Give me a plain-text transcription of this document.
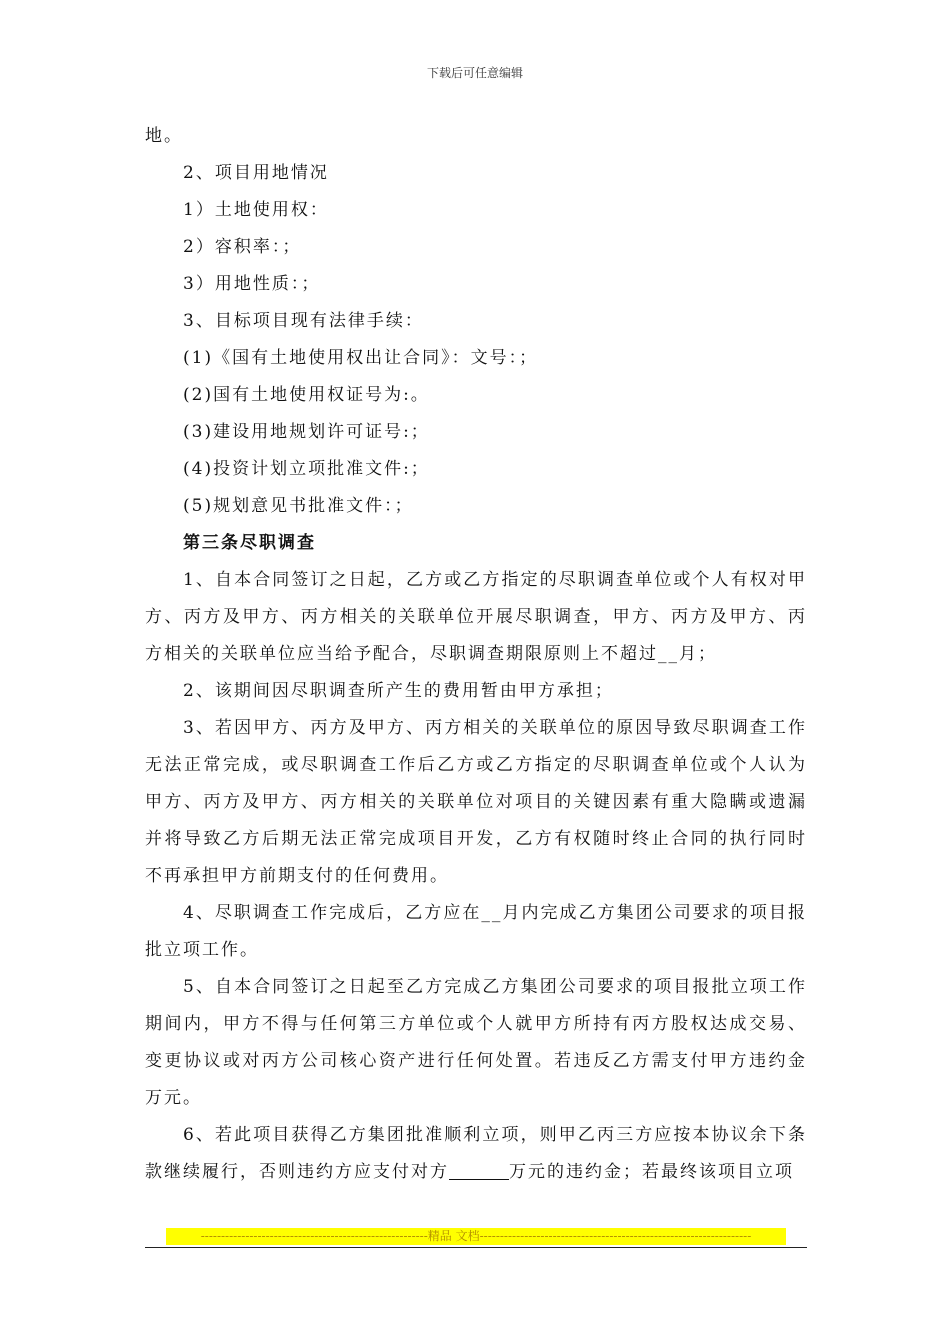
下载后可任意编辑

地。

2、项目用地情况

1）土地使用权：

2）容积率：；

3）用地性质：；

3、目标项目现有法律手续：

(1)《国有土地使用权出让合同》：文号：；

(2)国有土地使用权证号为:。

(3)建设用地规划许可证号:；

(4)投资计划立项批准文件:；

(5)规划意见书批准文件：；

第三条尽职调查

1、自本合同签订之日起，乙方或乙方指定的尽职调查单位或个人有权对甲方、丙方及甲方、丙方相关的关联单位开展尽职调查，甲方、丙方及甲方、丙方相关的关联单位应当给予配合，尽职调查期限原则上不超过__月；

2、该期间因尽职调查所产生的费用暂由甲方承担；

3、若因甲方、丙方及甲方、丙方相关的关联单位的原因导致尽职调查工作无法正常完成，或尽职调查工作后乙方或乙方指定的尽职调查单位或个人认为甲方、丙方及甲方、丙方相关的关联单位对项目的关键因素有重大隐瞒或遗漏并将导致乙方后期无法正常完成项目开发，乙方有权随时终止合同的执行同时不再承担甲方前期支付的任何费用。

4、尽职调查工作完成后，乙方应在__月内完成乙方集团公司要求的项目报批立项工作。

5、自本合同签订之日起至乙方完成乙方集团公司要求的项目报批立项工作期间内，甲方不得与任何第三方单位或个人就甲方所持有丙方股权达成交易、变更协议或对丙方公司核心资产进行任何处置。若违反乙方需支付甲方违约金万元。

6、若此项目获得乙方集团批准顺利立项，则甲乙丙三方应按本协议余下条款继续履行，否则违约方应支付对方	万元的违约金；若最终该项目立项

--------------------------------------------------------精品 文档-------------------------------------------------------------------
